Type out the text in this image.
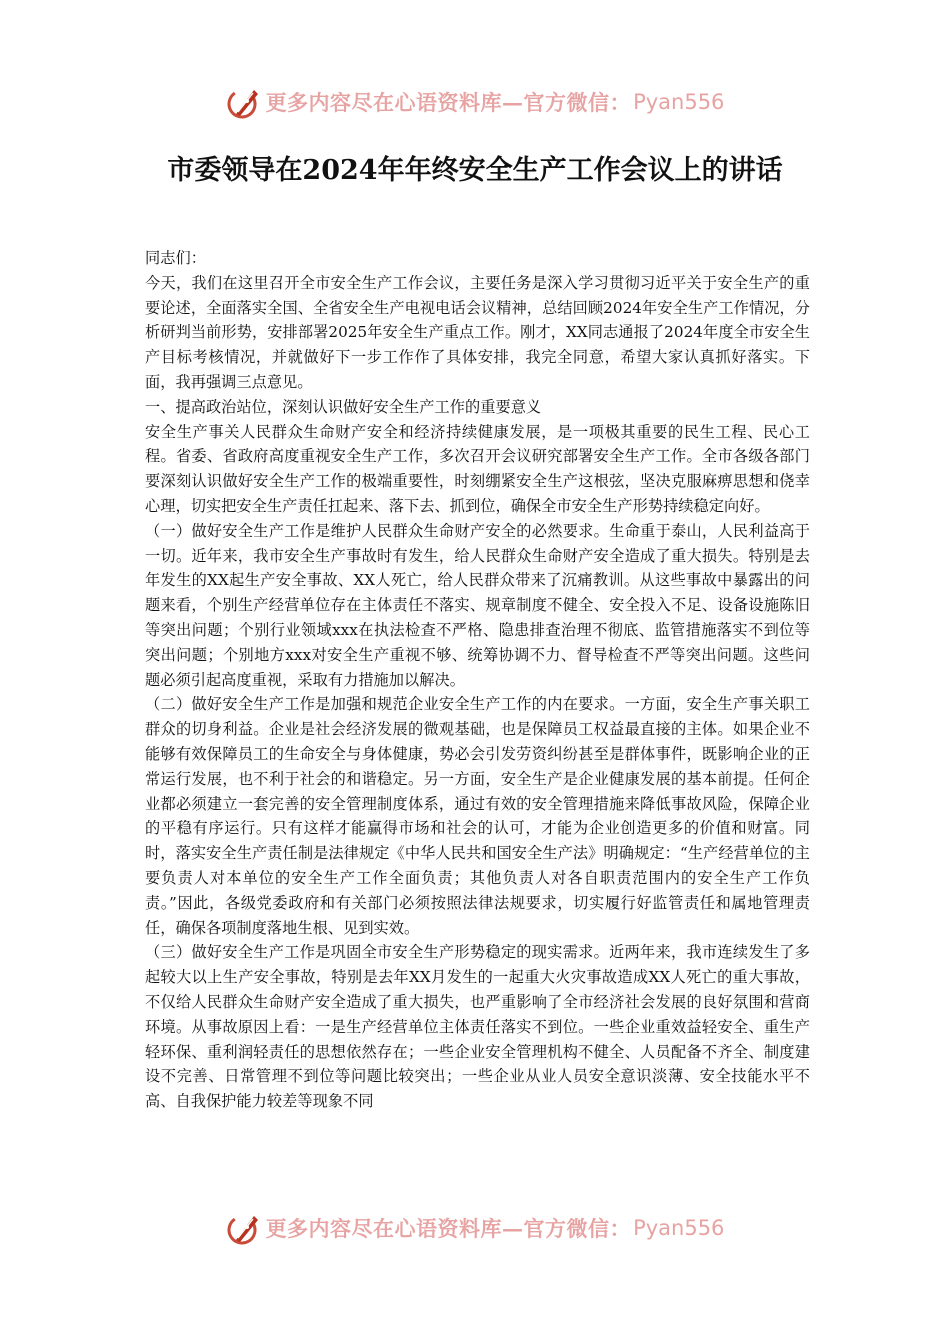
更多内容尽在心语资料库—官方微信： Pyan556
市委领导在2024年年终安全生产工作会议上的讲话

同志们：

今天，我们在这里召开全市安全生产工作会议，主要任务是深入学习贯彻习近平关于安全生产的重要论述，全面落实全国、全省安全生产电视电话会议精神，总结回顾2024年安全生产工作情况，分析研判当前形势，安排部署2025年安全生产重点工作。刚才，XX同志通报了2024年度全市安全生产目标考核情况，并就做好下一步工作作了具体安排，我完全同意，希望大家认真抓好落实。下面，我再强调三点意见。

一、提高政治站位，深刻认识做好安全生产工作的重要意义

安全生产事关人民群众生命财产安全和经济持续健康发展，是一项极其重要的民生工程、民心工程。省委、省政府高度重视安全生产工作，多次召开会议研究部署安全生产工作。全市各级各部门要深刻认识做好安全生产工作的极端重要性，时刻绷紧安全生产这根弦，坚决克服麻痹思想和侥幸心理，切实把安全生产责任扛起来、落下去、抓到位，确保全市安全生产形势持续稳定向好。

（一）做好安全生产工作是维护人民群众生命财产安全的必然要求。生命重于泰山，人民利益高于一切。近年来，我市安全生产事故时有发生，给人民群众生命财产安全造成了重大损失。特别是去年发生的XX起生产安全事故、XX人死亡，给人民群众带来了沉痛教训。从这些事故中暴露出的问题来看，个别生产经营单位存在主体责任不落实、规章制度不健全、安全投入不足、设备设施陈旧等突出问题；个别行业领域xxx在执法检查不严格、隐患排查治理不彻底、监管措施落实不到位等突出问题；个别地方xxx对安全生产重视不够、统筹协调不力、督导检查不严等突出问题。这些问题必须引起高度重视，采取有力措施加以解决。

（二）做好安全生产工作是加强和规范企业安全生产工作的内在要求。一方面，安全生产事关职工群众的切身利益。企业是社会经济发展的微观基础，也是保障员工权益最直接的主体。如果企业不能够有效保障员工的生命安全与身体健康，势必会引发劳资纠纷甚至是群体事件，既影响企业的正常运行发展，也不利于社会的和谐稳定。另一方面，安全生产是企业健康发展的基本前提。任何企业都必须建立一套完善的安全管理制度体系，通过有效的安全管理措施来降低事故风险，保障企业的平稳有序运行。只有这样才能赢得市场和社会的认可，才能为企业创造更多的价值和财富。同时，落实安全生产责任制是法律规定《中华人民共和国安全生产法》明确规定：“生产经营单位的主要负责人对本单位的安全生产工作全面负责；其他负责人对各自职责范围内的安全生产工作负责。”因此，各级党委政府和有关部门必须按照法律法规要求，切实履行好监管责任和属地管理责任，确保各项制度落地生根、见到实效。

（三）做好安全生产工作是巩固全市安全生产形势稳定的现实需求。近两年来，我市连续发生了多起较大以上生产安全事故，特别是去年XX月发生的一起重大火灾事故造成XX人死亡的重大事故，不仅给人民群众生命财产安全造成了重大损失，也严重影响了全市经济社会发展的良好氛围和营商环境。从事故原因上看：一是生产经营单位主体责任落实不到位。一些企业重效益轻安全、重生产轻环保、重利润轻责任的思想依然存在；一些企业安全管理机构不健全、人员配备不齐全、制度建设不完善、日常管理不到位等问题比较突出；一些企业从业人员安全意识淡薄、安全技能水平不高、自我保护能力较差等现象不同

更多内容尽在心语资料库—官方微信： Pyan556
